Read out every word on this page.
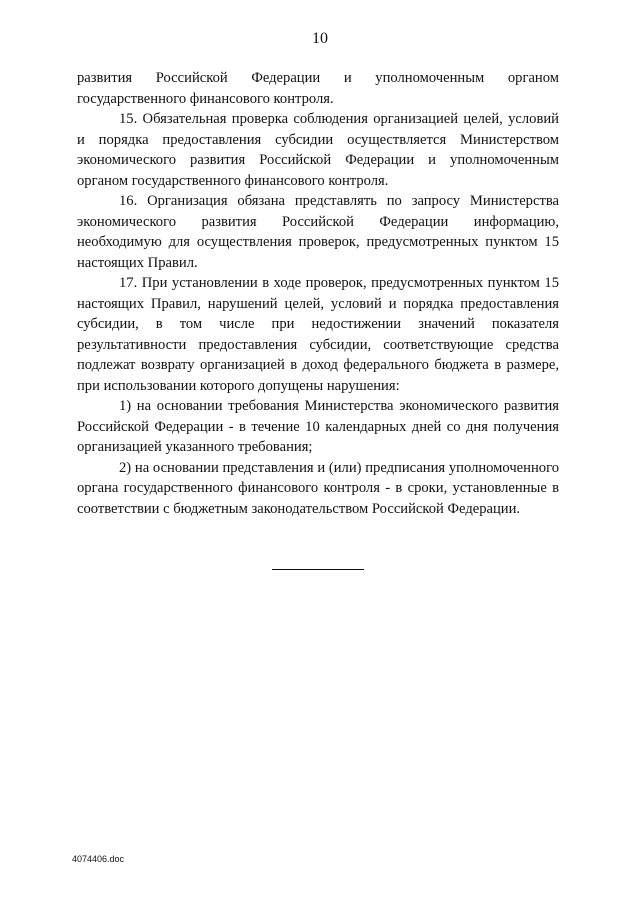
10

развития Российской Федерации и уполномоченным органом государственного финансового контроля.

15. Обязательная проверка соблюдения организацией целей, условий и порядка предоставления субсидии осуществляется Министерством экономического развития Российской Федерации и уполномоченным органом государственного финансового контроля.

16. Организация обязана представлять по запросу Министерства экономического развития Российской Федерации информацию, необходимую для осуществления проверок, предусмотренных пунктом 15 настоящих Правил.

17. При установлении в ходе проверок, предусмотренных пунктом 15 настоящих Правил, нарушений целей, условий и порядка предоставления субсидии, в том числе при недостижении значений показателя результативности предоставления субсидии, соответствующие средства подлежат возврату организацией в доход федерального бюджета в размере, при использовании которого допущены нарушения:

1) на основании требования Министерства экономического развития Российской Федерации - в течение 10 календарных дней со дня получения организацией указанного требования;

2) на основании представления и (или) предписания уполномоченного органа государственного финансового контроля - в сроки, установленные в соответствии с бюджетным законодательством Российской Федерации.

4074406.doc
